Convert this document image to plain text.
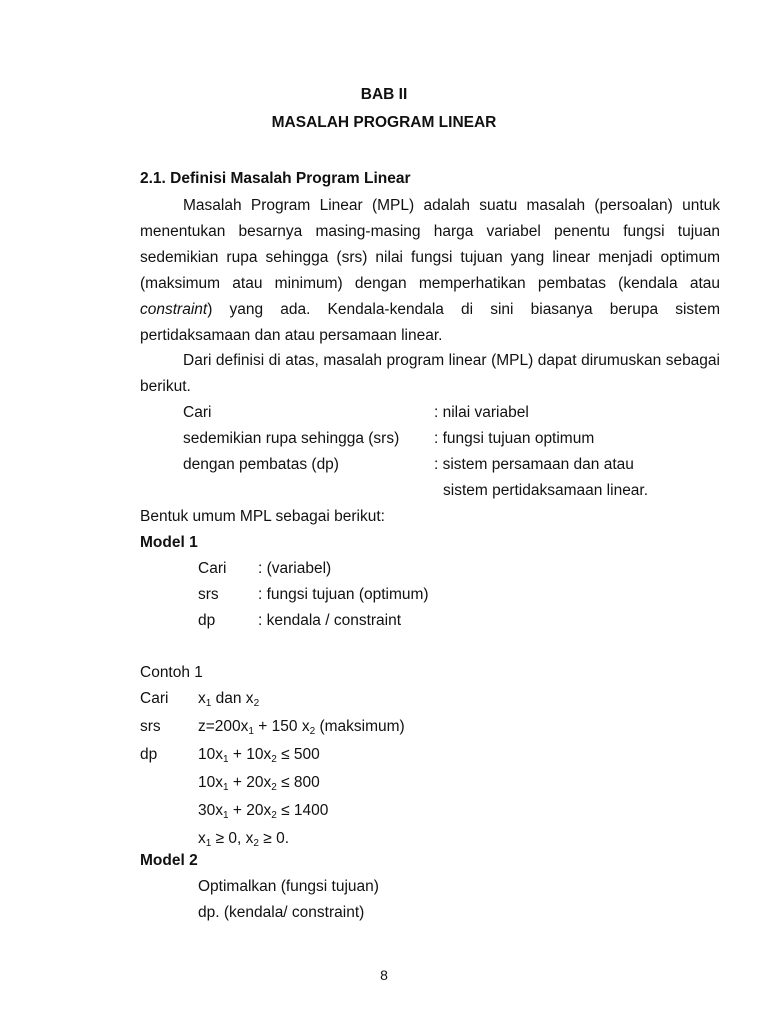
BAB II
MASALAH PROGRAM LINEAR
2.1. Definisi Masalah Program Linear

Masalah Program Linear (MPL) adalah suatu masalah (persoalan) untuk menentukan besarnya masing-masing harga variabel penentu fungsi tujuan sedemikian rupa sehingga (srs) nilai fungsi tujuan yang linear menjadi optimum (maksimum atau minimum) dengan memperhatikan pembatas (kendala atau constraint) yang ada. Kendala-kendala di sini biasanya berupa sistem pertidaksamaan dan atau persamaan linear.

Dari definisi di atas, masalah program linear (MPL) dapat dirumuskan sebagai berikut.

Cari	: nilai variabel
sedemikian rupa sehingga (srs) : fungsi tujuan optimum
dengan pembatas (dp)	: sistem persamaan dan atau
sistem pertidaksamaan linear.
Bentuk umum MPL sebagai berikut:
Model 1
Cari : (variabel)
srs	: fungsi tujuan (optimum)
dp	: kendala / constraint
Contoh 1
Cari $x_1$ dan $x_2$
srs $z=200x_1 + 150$ $x_2$ (maksimum)
dp	$10x_1 + 10x_2 \le 500$
$10x_1 + 20x_2 \le 800$
$30x_1 + 20x_2 \le 1400$
$x_1 \ge 0$, $x_2 \ge 0$.
Model 2
Optimalkan (fungsi tujuan)
dp. (kendala/ constraint)
8
